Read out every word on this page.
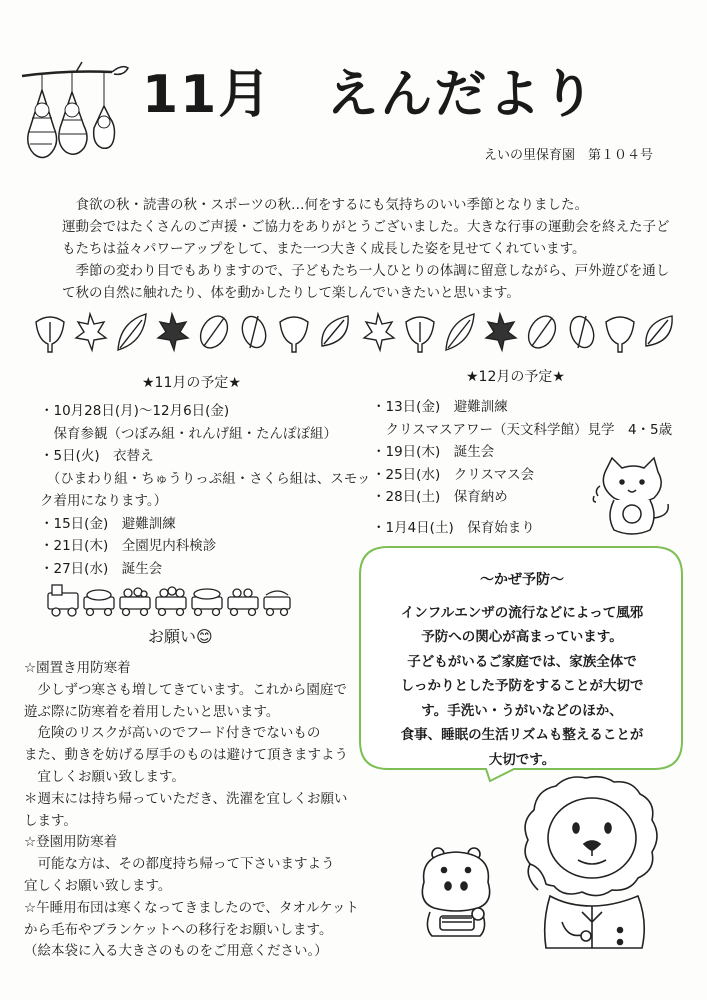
11月　えんだより
えいの里保育園　第１０４号

　食欲の秋・読書の秋・スポーツの秋…何をするにも気持ちのいい季節となりました。

運動会ではたくさんのご声援・ご協力をありがとうございました。大きな行事の運動会を終えた子どもたちは益々パワーアップをして、また一つ大きく成長した姿を見せてくれています。

　季節の変わり目でもありますので、子どもたち一人ひとりの体調に留意しながら、戸外遊びを通して秋の自然に触れたり、体を動かしたりして楽しんでいきたいと思います。

★11月の予定★
・10月28日(月)～12月6日(金)
　保育参観（つぼみ組・れんげ組・たんぽぽ組）
・5日(火)　衣替え
　（ひまわり組・ちゅうりっぷ組・さくら組は、スモッ
ク着用になります。）
・15日(金)　避難訓練
・21日(木)　全園児内科検診
・27日(水)　誕生会
★12月の予定★
・13日(金)　避難訓練
　クリスマスアワー（天文科学館）見学　4・5歳
・19日(木)　誕生会
・25日(水)　クリスマス会
・28日(土)　保育納め
・1月4日(土)　保育始まり
お願い😊
☆園置き用防寒着
　少しずつ寒さも増してきています。これから園庭で
遊ぶ際に防寒着を着用したいと思います。
　危険のリスクが高いのでフード付きでないもの
また、動きを妨げる厚手のものは避けて頂きますよう
　宜しくお願い致します。
＊週末には持ち帰っていただき、洗濯を宜しくお願い
します。
☆登園用防寒着
　可能な方は、その都度持ち帰って下さいますよう
宜しくお願い致します。
☆午睡用布団は寒くなってきましたので、タオルケット
から毛布やブランケットへの移行をお願いします。
（絵本袋に入る大きさのものをご用意ください。）
～かぜ予防～
インフルエンザの流行などによって風邪
予防への関心が高まっています。
子どもがいるご家庭では、家族全体で
しっかりとした予防をすることが大切で
す。手洗い・うがいなどのほか、
食事、睡眠の生活リズムも整えることが
大切です。
